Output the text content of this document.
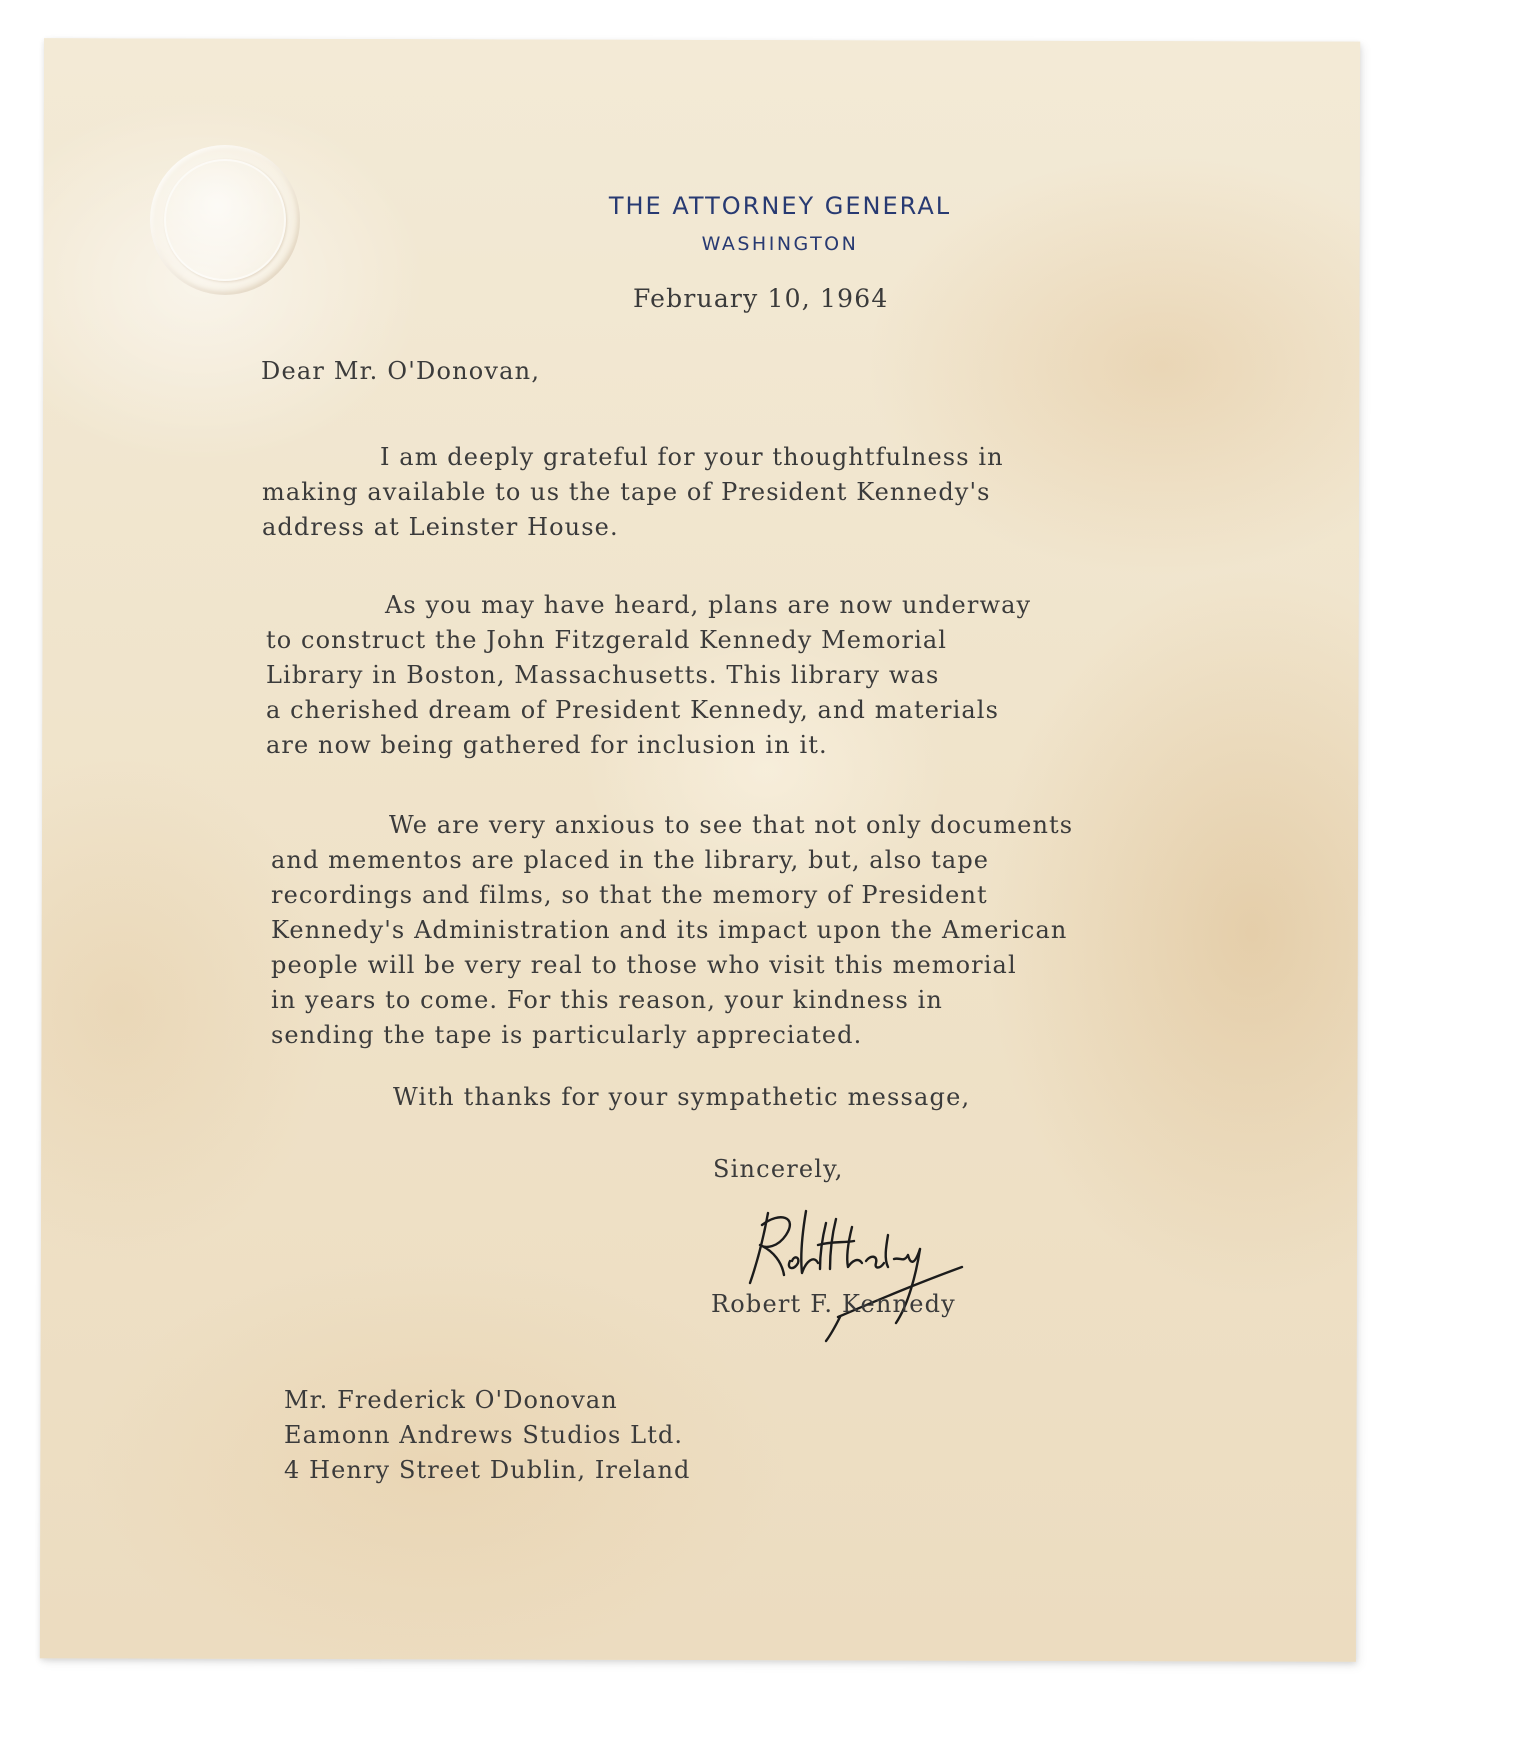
THE ATTORNEY GENERAL
WASHINGTON
February 10, 1964
Dear Mr. O'Donovan,
I am deeply grateful for your thoughtfulness in
making available to us the tape of President Kennedy's
address at Leinster House.
As you may have heard, plans are now underway
to construct the John Fitzgerald Kennedy Memorial
Library in Boston, Massachusetts. This library was
a cherished dream of President Kennedy, and materials
are now being gathered for inclusion in it.
We are very anxious to see that not only documents
and mementos are placed in the library, but, also tape
recordings and films, so that the memory of President
Kennedy's Administration and its impact upon the American
people will be very real to those who visit this memorial
in years to come. For this reason, your kindness in
sending the tape is particularly appreciated.
With thanks for your sympathetic message,
Sincerely,
Robert F. Kennedy
Mr. Frederick O'Donovan
Eamonn Andrews Studios Ltd.
4 Henry Street Dublin, Ireland
